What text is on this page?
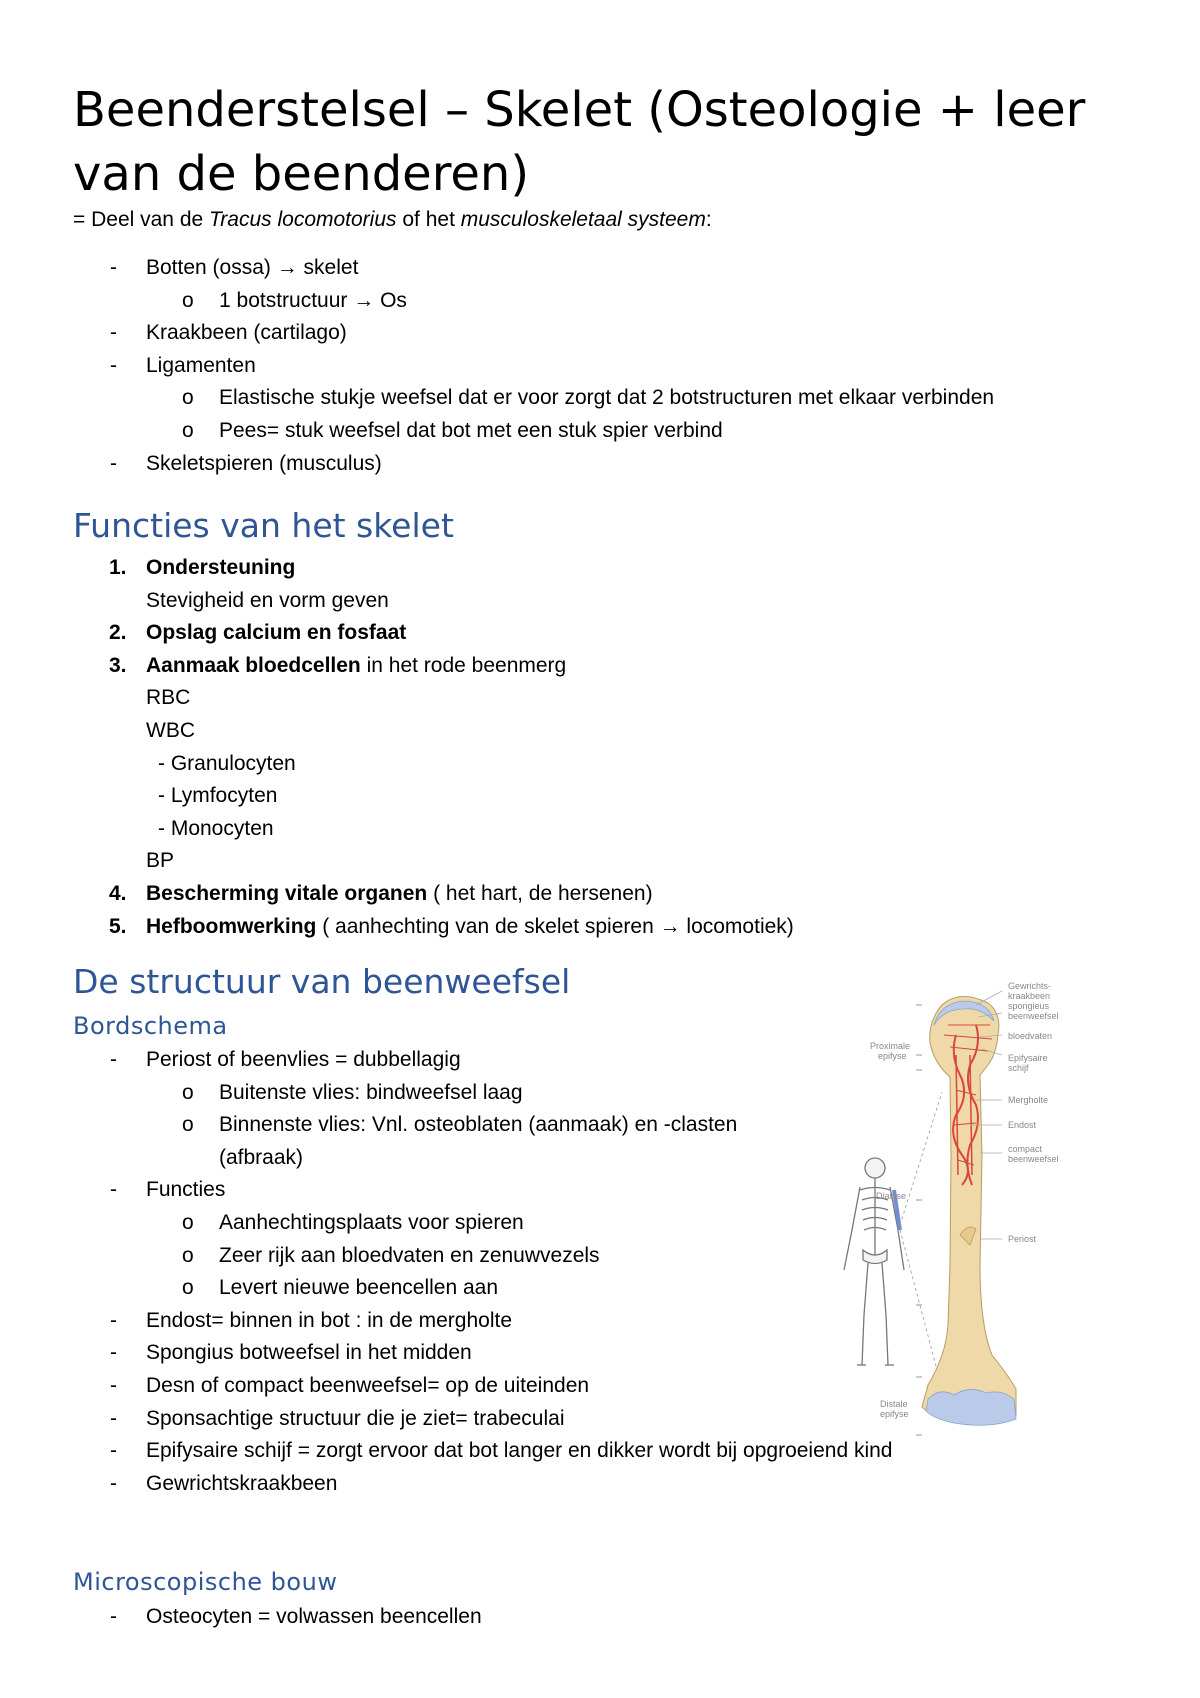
Beenderstelsel – Skelet (Osteologie + leer van de beenderen)

= Deel van de Tracus locomotorius of het musculoskeletaal systeem:

- Botten (ossa) → skelet
o 1 botstructuur → Os
- Kraakbeen (cartilago)
- Ligamenten
o Elastische stukje weefsel dat er voor zorgt dat 2 botstructuren met elkaar verbinden
o Pees= stuk weefsel dat bot met een stuk spier verbind
- Skeletspieren (musculus)
Functies van het skelet
1. Ondersteuning
Stevigheid en vorm geven
2. Opslag calcium en fosfaat
3. Aanmaak bloedcellen in het rode beenmerg
RBC
WBC
- Granulocyten
- Lymfocyten
- Monocyten
BP
4. Bescherming vitale organen ( het hart, de hersenen)
5. Hefboomwerking ( aanhechting van de skelet spieren → locomotiek)
De structuur van beenweefsel
Bordschema
- Periost of beenvlies = dubbellagig
o Buitenste vlies: bindweefsel laag
o Binnenste vlies: Vnl. osteoblaten (aanmaak) en -clasten
(afbraak)
- Functies
o Aanhechtingsplaats voor spieren
o Zeer rijk aan bloedvaten en zenuwvezels
o Levert nieuwe beencellen aan
- Endost= binnen in bot : in de mergholte
- Spongius botweefsel in het midden
- Desn of compact beenweefsel= op de uiteinden
- Sponsachtige structuur die je ziet= trabeculai
- Epifysaire schijf = zorgt ervoor dat bot langer en dikker wordt bij opgroeiend kind
- Gewrichtskraakbeen
Microscopische bouw
- Osteocyten = volwassen beencellen
Gewrichts-
kraakbeen
spongieus
beenweefsel
bloedvaten
Epifysaire
schijf
Mergholte
Endost
compact
beenweefsel
Periost
Proximale
epifyse
Diafyse
Distale
epifyse
